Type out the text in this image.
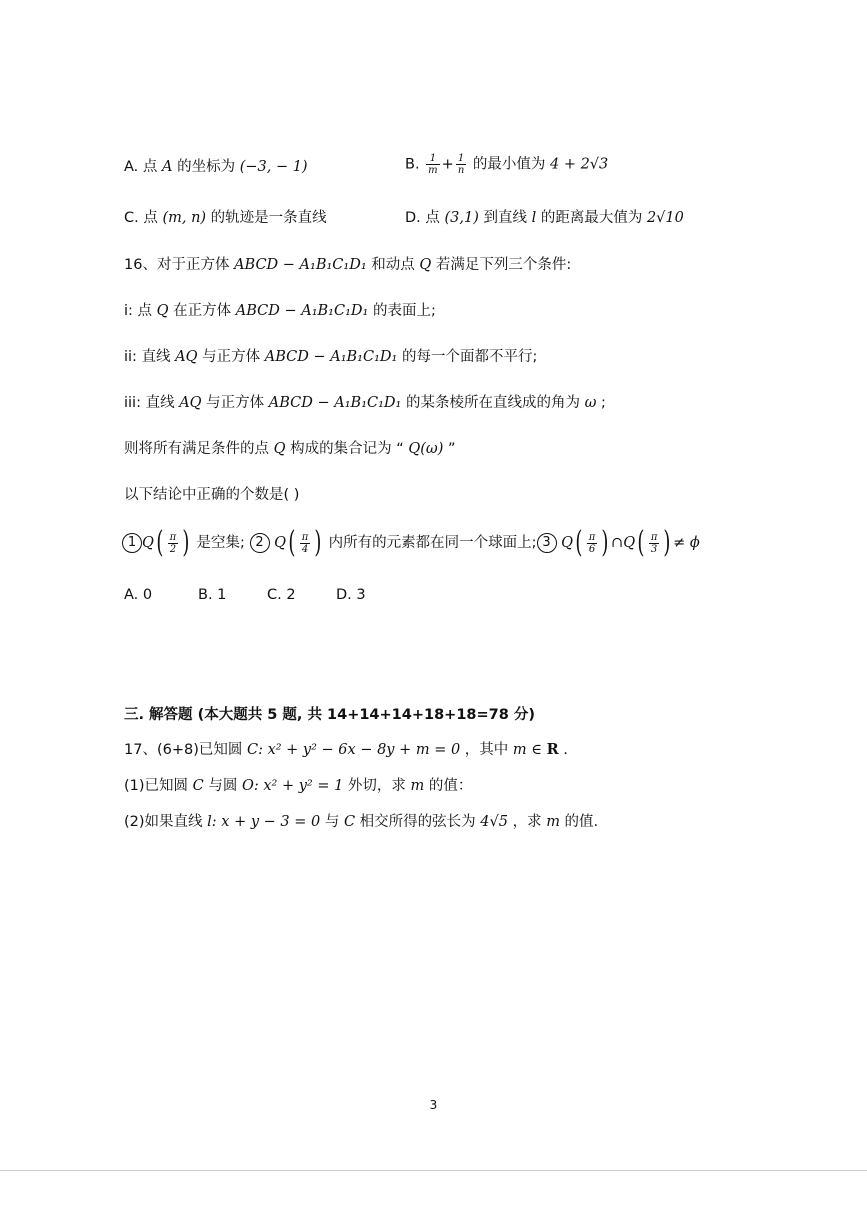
A. 点 A 的坐标为 (−3, − 1)	B. $\frac{1}{m} + \frac{1}{n}$ 的最小值为 4 + 2√3
C. 点 (m, n) 的轨迹是一条直线	D. 点 (3,1) 到直线 l 的距离最大值为 2√10
16、对于正方体 ABCD − A₁B₁C₁D₁ 和动点 Q 若满足下列三个条件:
i: 点 Q 在正方体 ABCD − A₁B₁C₁D₁ 的表面上;
ii: 直线 AQ 与正方体 ABCD − A₁B₁C₁D₁ 的每一个面都不平行;
iii: 直线 AQ 与正方体 ABCD − A₁B₁C₁D₁ 的某条棱所在直线成的角为 ω ;
则将所有满足条件的点 Q 构成的集合记为 “ Q(ω) ”
以下结论中正确的个数是( )
1 Q ( $\frac{\pi}{2}$ ) 是空集; 2 Q ( $\frac{\pi}{4}$ ) 内所有的元素都在同一个球面上; 3 Q ( $\frac{\pi}{6}$ ) ∩Q ( $\frac{\pi}{3}$ ) ≠ ϕ
A. 0	B. 1	C. 2	D. 3
三. 解答题 (本大题共 5 题, 共 14+14+14+18+18=78 分)
17、(6+8)已知圆 C: x² + y² − 6x − 8y + m = 0 ，其中 m ∈ R .
(1)已知圆 C 与圆 O: x² + y² = 1 外切，求 m 的值：
(2)如果直线 l: x + y − 3 = 0 与 C 相交所得的弦长为 4√5 ，求 m 的值.
3
